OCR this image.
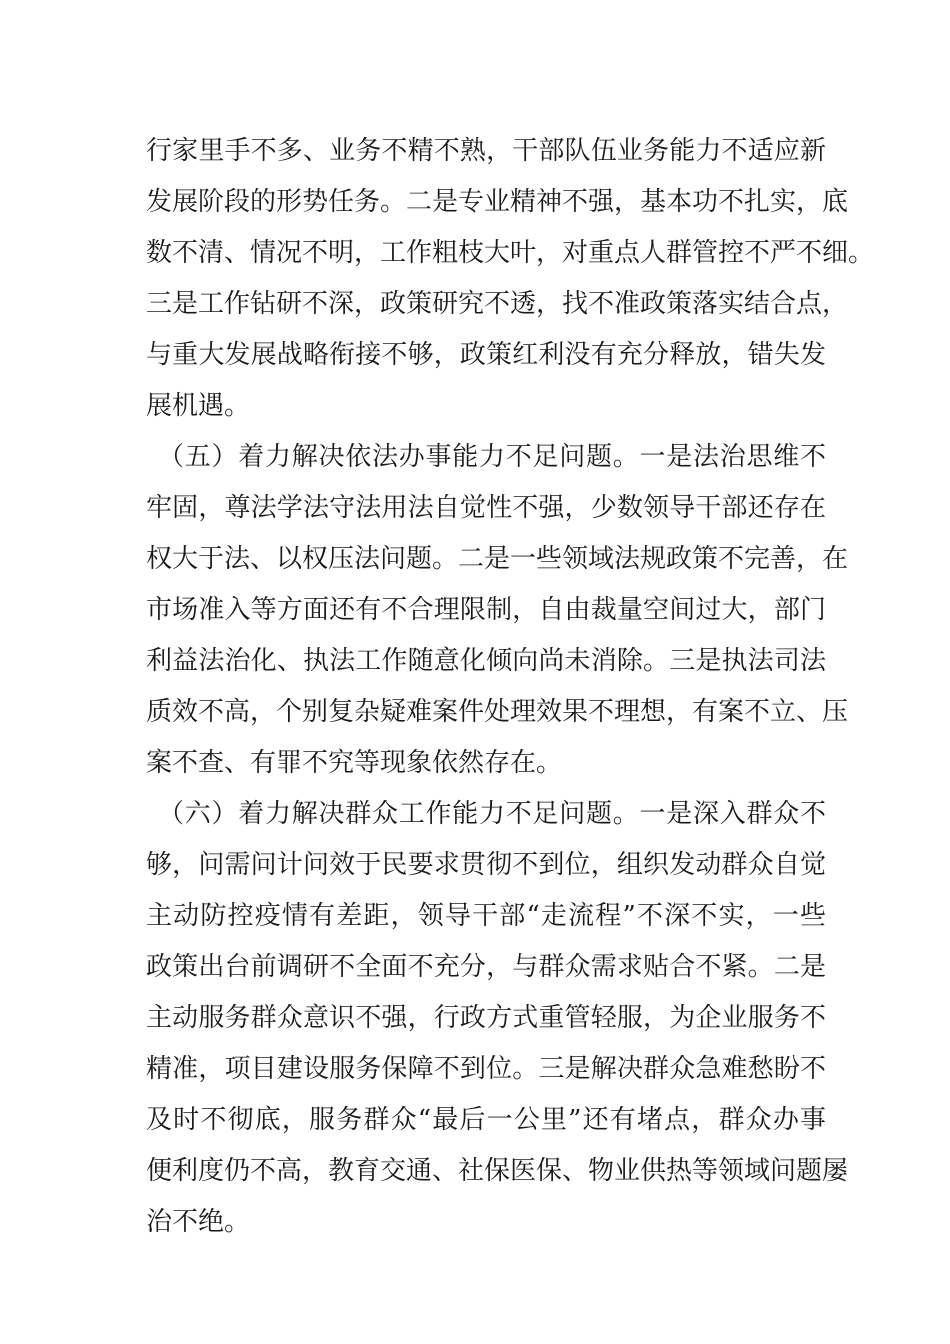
行家里手不多、业务不精不熟，干部队伍业务能力不适应新
发展阶段的形势任务。二是专业精神不强，基本功不扎实，底
数不清、情况不明，工作粗枝大叶，对重点人群管控不严不细。
三是工作钻研不深，政策研究不透，找不准政策落实结合点，
与重大发展战略衔接不够，政策红利没有充分释放，错失发
展机遇。
（五）着力解决依法办事能力不足问题。一是法治思维不
牢固，尊法学法守法用法自觉性不强，少数领导干部还存在
权大于法、以权压法问题。二是一些领域法规政策不完善，在
市场准入等方面还有不合理限制，自由裁量空间过大，部门
利益法治化、执法工作随意化倾向尚未消除。三是执法司法
质效不高，个别复杂疑难案件处理效果不理想，有案不立、压
案不查、有罪不究等现象依然存在。
（六）着力解决群众工作能力不足问题。一是深入群众不
够，问需问计问效于民要求贯彻不到位，组织发动群众自觉
主动防控疫情有差距，领导干部“走流程”不深不实，一些
政策出台前调研不全面不充分，与群众需求贴合不紧。二是
主动服务群众意识不强，行政方式重管轻服，为企业服务不
精准，项目建设服务保障不到位。三是解决群众急难愁盼不
及时不彻底，服务群众“最后一公里”还有堵点，群众办事
便利度仍不高，教育交通、社保医保、物业供热等领域问题屡
治不绝。
